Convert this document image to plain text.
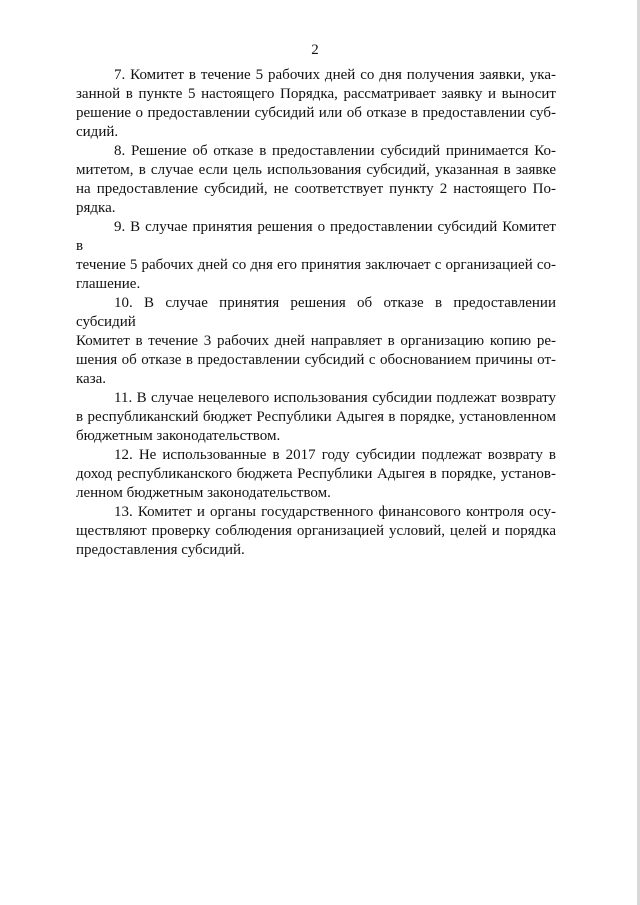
2

7. Комитет в течение 5 рабочих дней со дня получения заявки, ука-
занной в пункте 5 настоящего Порядка, рассматривает заявку и выносит
решение о предоставлении субсидий или об отказе в предоставлении суб-
сидий.

8. Решение об отказе в предоставлении субсидий принимается Ко-
митетом, в случае если цель использования субсидий, указанная в заявке
на предоставление субсидий, не соответствует пункту 2 настоящего По-
рядка.

9. В случае принятия решения о предоставлении субсидий Комитет в
течение 5 рабочих дней со дня его принятия заключает с организацией со-
глашение.

10. В случае принятия решения об отказе в предоставлении субсидий
Комитет в течение 3 рабочих дней направляет в организацию копию ре-
шения об отказе в предоставлении субсидий с обоснованием причины от-
каза.

11. В случае нецелевого использования субсидии подлежат возврату
в республиканский бюджет Республики Адыгея в порядке, установленном
бюджетным законодательством.

12. Не использованные в 2017 году субсидии подлежат возврату в
доход республиканского бюджета Республики Адыгея в порядке, установ-
ленном бюджетным законодательством.

13. Комитет и органы государственного финансового контроля осу-
ществляют проверку соблюдения организацией условий, целей и порядка
предоставления субсидий.
